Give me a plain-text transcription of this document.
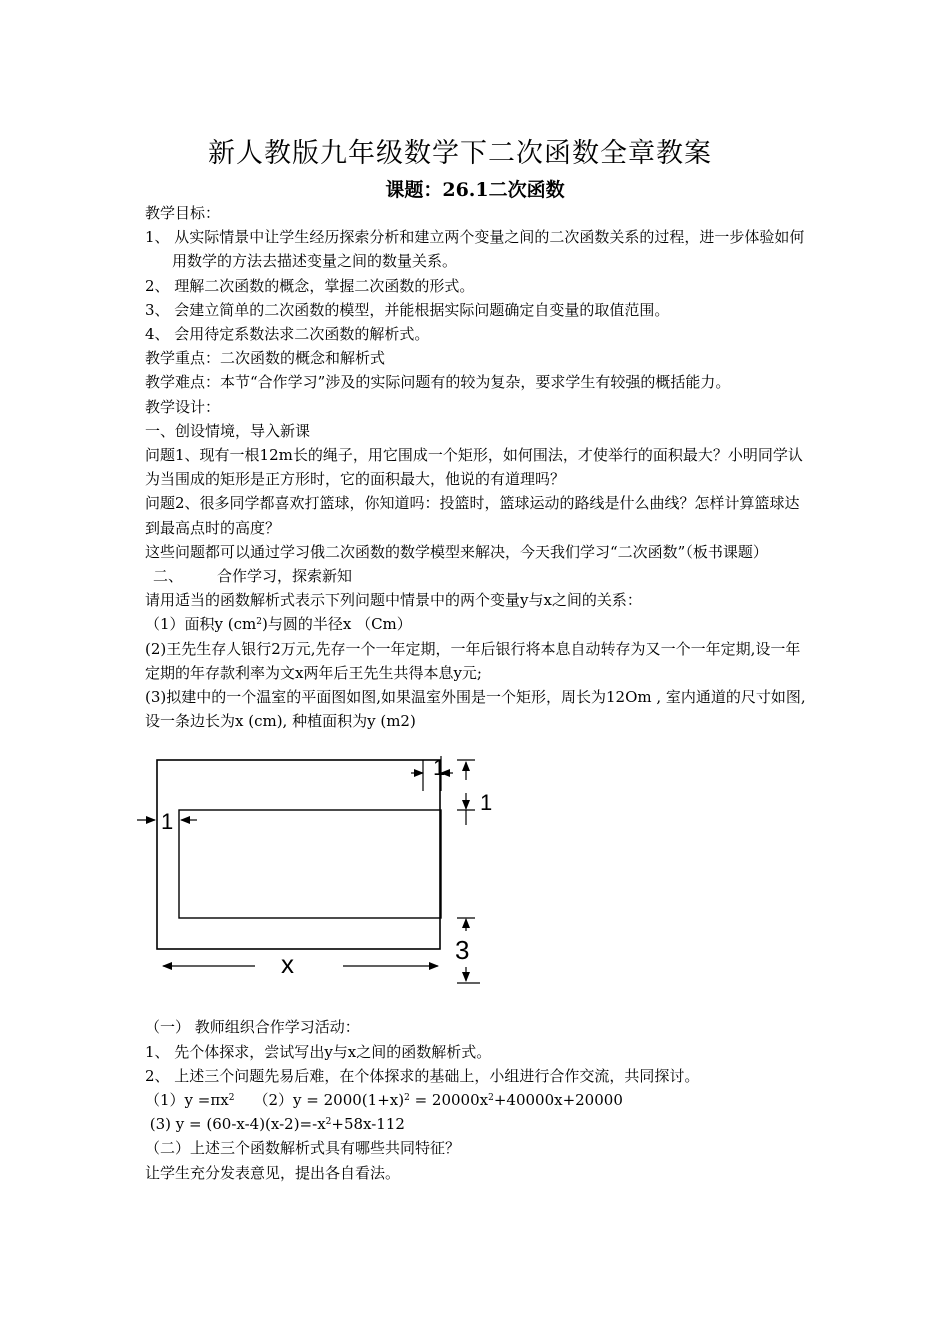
新人教版九年级数学下二次函数全章教案
课题：26.1二次函数

教学目标：

1、 从实际情景中让学生经历探索分析和建立两个变量之间的二次函数关系的过程，进一步体验如何用数学的方法去描述变量之间的数量关系。

2、 理解二次函数的概念，掌握二次函数的形式。

3、 会建立简单的二次函数的模型，并能根据实际问题确定自变量的取值范围。

4、 会用待定系数法求二次函数的解析式。

教学重点：二次函数的概念和解析式

教学难点：本节“合作学习”涉及的实际问题有的较为复杂，要求学生有较强的概括能力。

教学设计：

一、创设情境，导入新课

问题1、现有一根12m长的绳子，用它围成一个矩形，如何围法，才使举行的面积最大？小明同学认为当围成的矩形是正方形时，它的面积最大，他说的有道理吗？

问题2、很多同学都喜欢打篮球，你知道吗：投篮时，篮球运动的路线是什么曲线？怎样计算篮球达到最高点时的高度？

这些问题都可以通过学习俄二次函数的数学模型来解决，今天我们学习“二次函数”（板书课题）

二、 合作学习，探索新知

请用适当的函数解析式表示下列问题中情景中的两个变量y与x之间的关系：

（1）面积y $(cm^2)$与圆的半径x （Cm）

(2)王先生存人银行2万元,先存一个一年定期，一年后银行将本息自动转存为又一个一年定期,设一年定期的年存款利率为文x两年后王先生共得本息y元;

(3)拟建中的一个温室的平面图如图,如果温室外围是一个矩形，周长为12Om , 室内通道的尺寸如图,设一条边长为x (cm), 种植面积为y (m2)

1
1
1
3
x

（一） 教师组织合作学习活动：

1、 先个体探求，尝试写出y与x之间的函数解析式。

2、 上述三个问题先易后难，在个体探求的基础上，小组进行合作交流，共同探讨。

$(1)y =\pi x^2$ $(2)y = 2000(1+x)^2 = 20000x^2+40000x+20000$

(3) $y = (60-x-4)(x-2)=-x^2+58x-112$

（二）上述三个函数解析式具有哪些共同特征？

让学生充分发表意见，提出各自看法。
